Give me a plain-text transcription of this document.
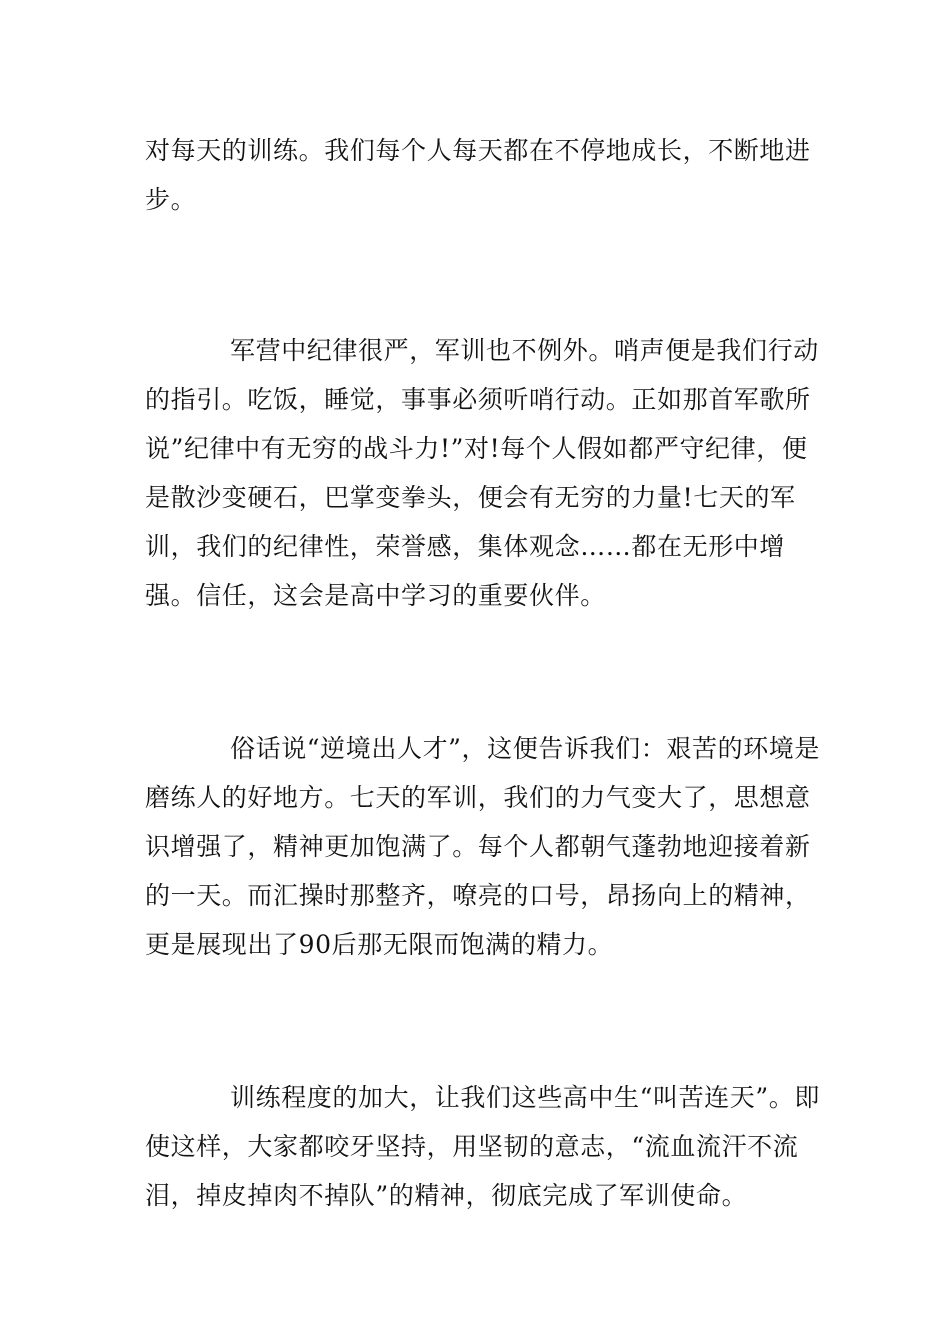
对每天的训练。我们每个人每天都在不停地成长，不断地进步。

军营中纪律很严，军训也不例外。哨声便是我们行动的指引。吃饭，睡觉，事事必须听哨行动。正如那首军歌所说”纪律中有无穷的战斗力!”对!每个人假如都严守纪律，便是散沙变硬石，巴掌变拳头，便会有无穷的力量!七天的军训，我们的纪律性，荣誉感，集体观念……都在无形中增强。信任，这会是高中学习的重要伙伴。

俗话说“逆境出人才”，这便告诉我们：艰苦的环境是磨练人的好地方。七天的军训，我们的力气变大了，思想意识增强了，精神更加饱满了。每个人都朝气蓬勃地迎接着新的一天。而汇操时那整齐，嘹亮的口号，昂扬向上的精神，更是展现出了90后那无限而饱满的精力。

训练程度的加大，让我们这些高中生“叫苦连天”。即使这样，大家都咬牙坚持，用坚韧的意志，“流血流汗不流泪，掉皮掉肉不掉队”的精神，彻底完成了军训使命。
